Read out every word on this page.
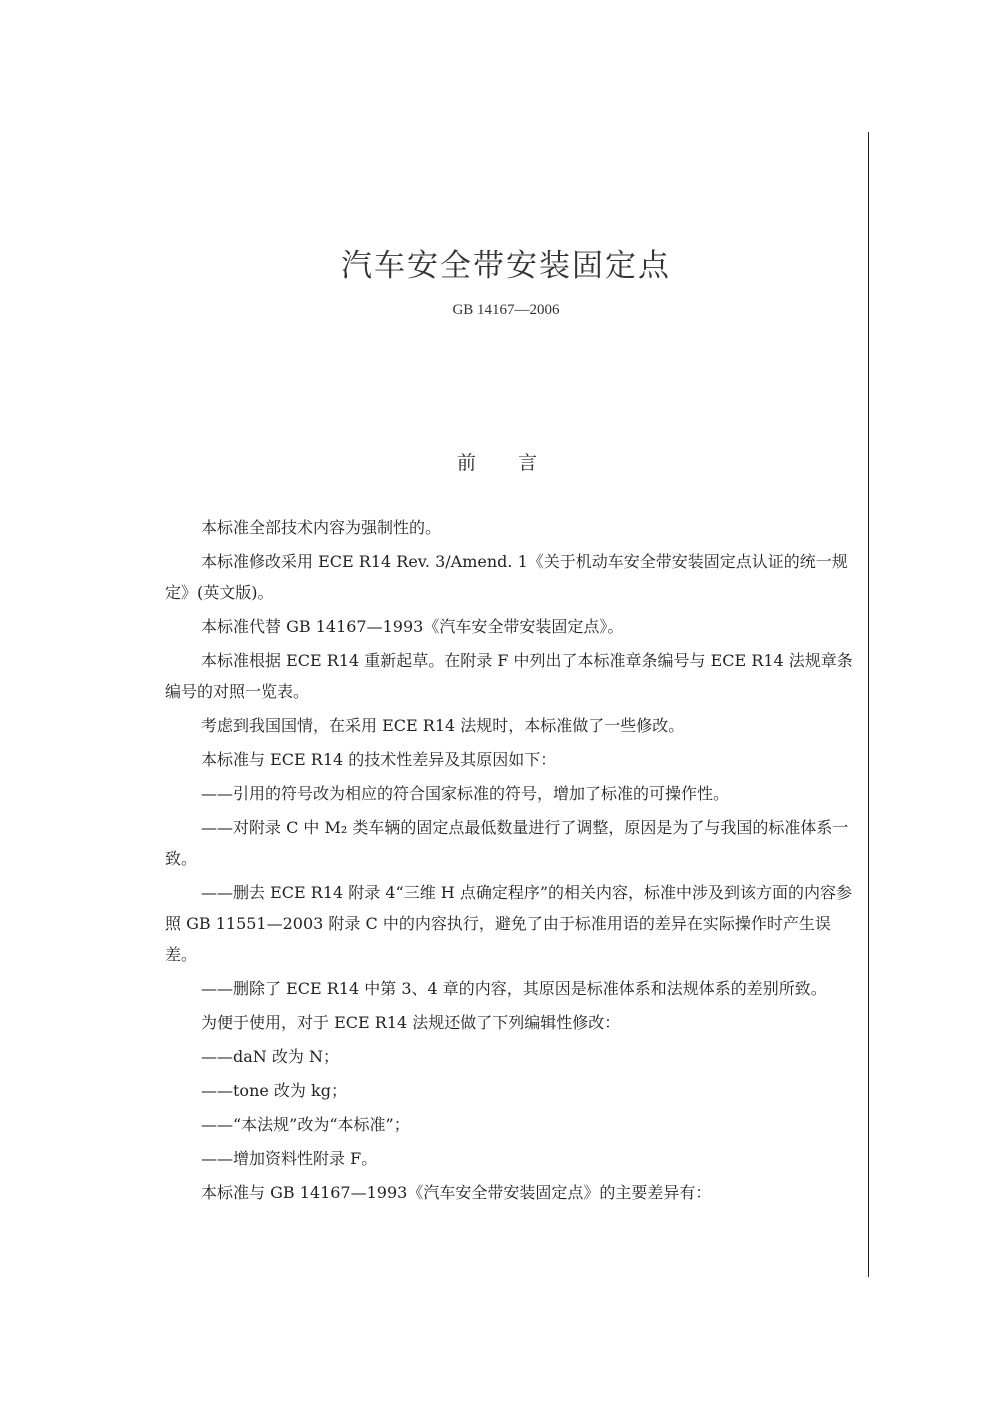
汽车安全带安装固定点
GB 14167—2006
前 言

本标准全部技术内容为强制性的。

本标准修改采用 ECE R14 Rev. 3/Amend. 1《关于机动车安全带安装固定点认证的统一规定》(英文版)。

本标准代替 GB 14167—1993《汽车安全带安装固定点》。

本标准根据 ECE R14 重新起草。在附录 F 中列出了本标准章条编号与 ECE R14 法规章条编号的对照一览表。

考虑到我国国情，在采用 ECE R14 法规时，本标准做了一些修改。

本标准与 ECE R14 的技术性差异及其原因如下：

——引用的符号改为相应的符合国家标准的符号，增加了标准的可操作性。

——对附录 C 中 M₂ 类车辆的固定点最低数量进行了调整，原因是为了与我国的标准体系一致。

——删去 ECE R14 附录 4“三维 H 点确定程序”的相关内容，标准中涉及到该方面的内容参照 GB 11551—2003 附录 C 中的内容执行，避免了由于标准用语的差异在实际操作时产生误差。

——删除了 ECE R14 中第 3、4 章的内容，其原因是标准体系和法规体系的差别所致。

为便于使用，对于 ECE R14 法规还做了下列编辑性修改：

——daN 改为 N；

——tone 改为 kg；

——“本法规”改为“本标准”；

——增加资料性附录 F。

本标准与 GB 14167—1993《汽车安全带安装固定点》的主要差异有：
